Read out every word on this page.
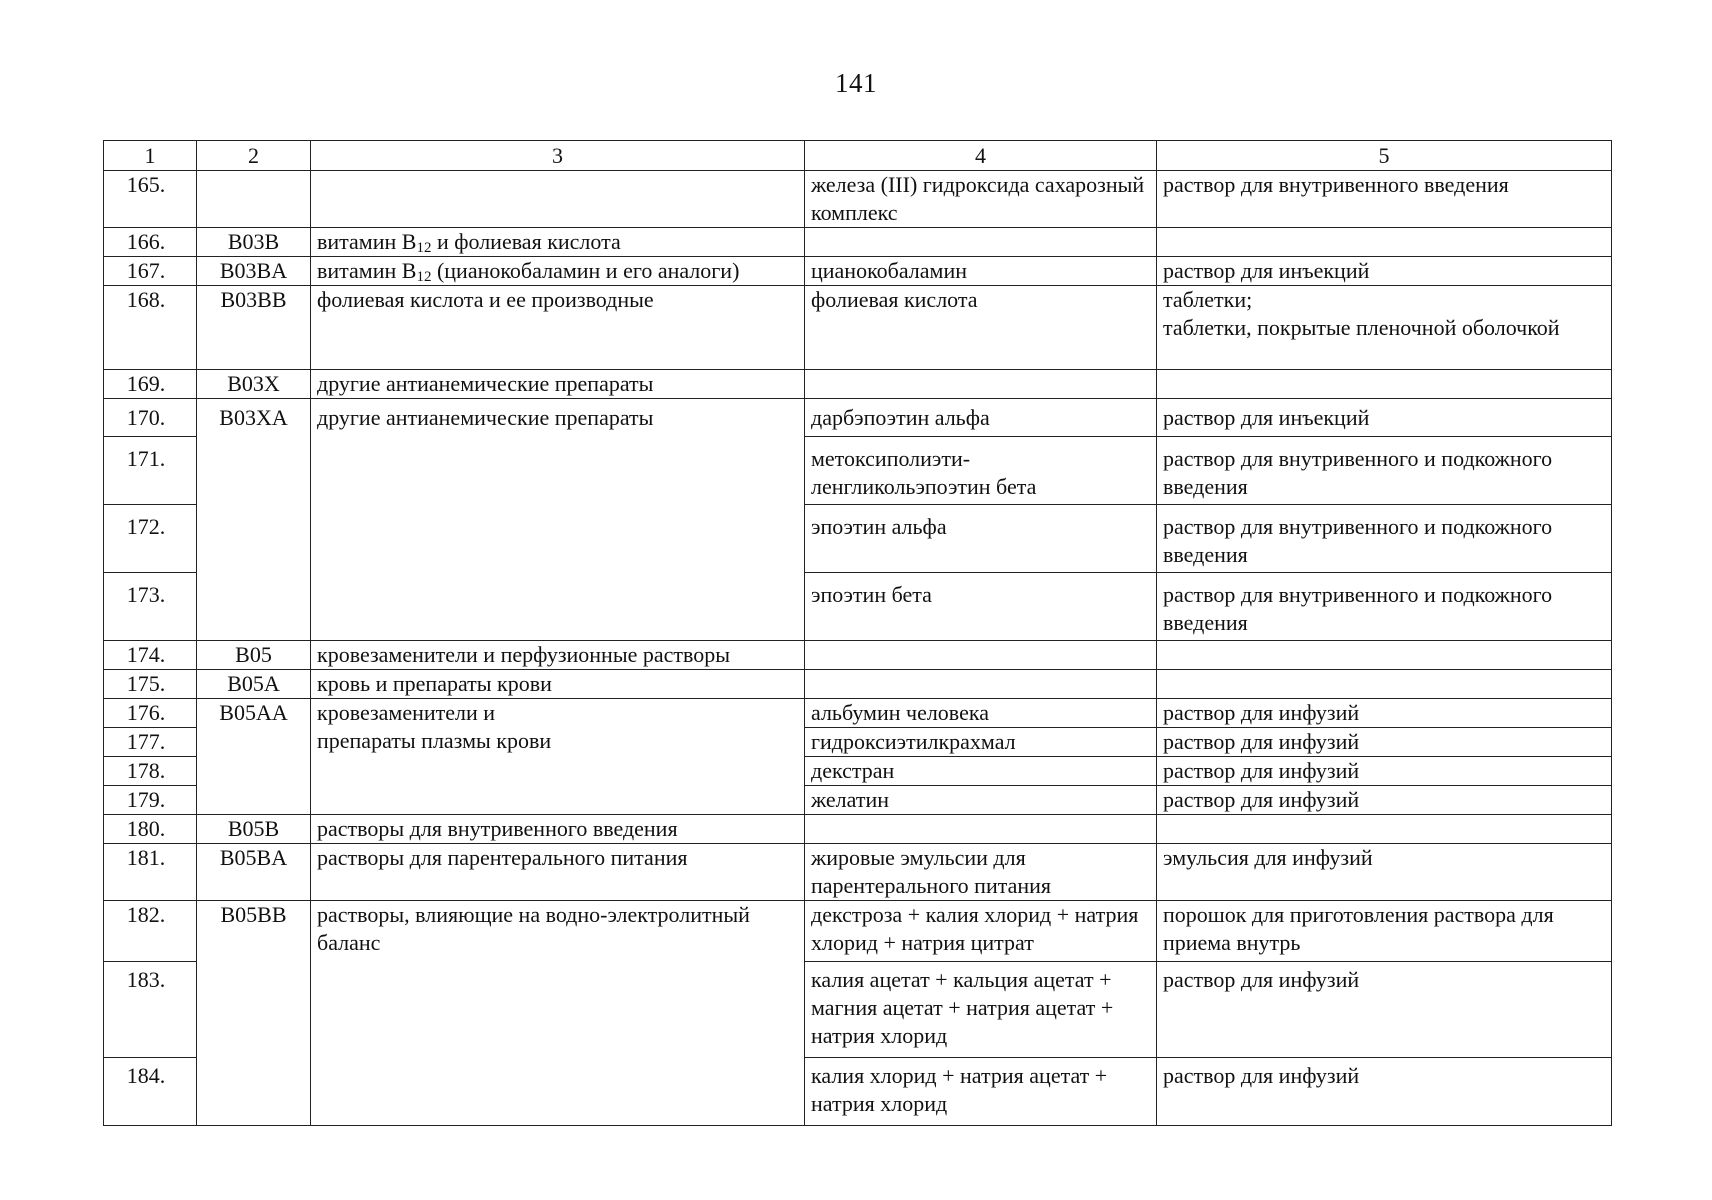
141
1	2	3	4	5
165.			железа (III) гидроксида сахарозный комплекс	раствор для внутривенного введения
166.	B03B	витамин $B_{12}$ и фолиевая кислота		
167.	B03BA	витамин $B_{12}$ (цианокобаламин и его аналоги)	цианокобаламин	раствор для инъекций
168.	B03BB	фолиевая кислота и ее производные	фолиевая кислота	таблетки;
таблетки, покрытые пленочной оболочкой

169.	B03X	другие антианемические препараты		
170.	B03XA	другие антианемические препараты	дарбэпоэтин альфа	раствор для инъекций
171.			метоксиполиэти-
ленгликольэпоэтин бета	раствор для внутривенного и подкожного введения
172.			эпоэтин альфа	раствор для внутривенного и подкожного введения
173.			эпоэтин бета	раствор для внутривенного и подкожного введения
174.	B05	кровезаменители и перфузионные растворы		
175.	B05A	кровь и препараты крови		
176.	B05AA	кровезаменители и
препараты плазмы крови	альбумин человека	раствор для инфузий
177.			гидроксиэтилкрахмал	раствор для инфузий
178.			декстран	раствор для инфузий
179.			желатин	раствор для инфузий
180.	B05B	растворы для внутривенного введения		
181.	B05BA	растворы для парентерального питания	жировые эмульсии для парентерального питания	эмульсия для инфузий
182.	B05BB	растворы, влияющие на водно-электролитный баланс	декстроза + калия хлорид + натрия хлорид + натрия цитрат	порошок для приготовления раствора для приема внутрь
183.			калия ацетат + кальция ацетат + магния ацетат + натрия ацетат + натрия хлорид	раствор для инфузий
184.			калия хлорид + натрия ацетат + натрия хлорид	раствор для инфузий
